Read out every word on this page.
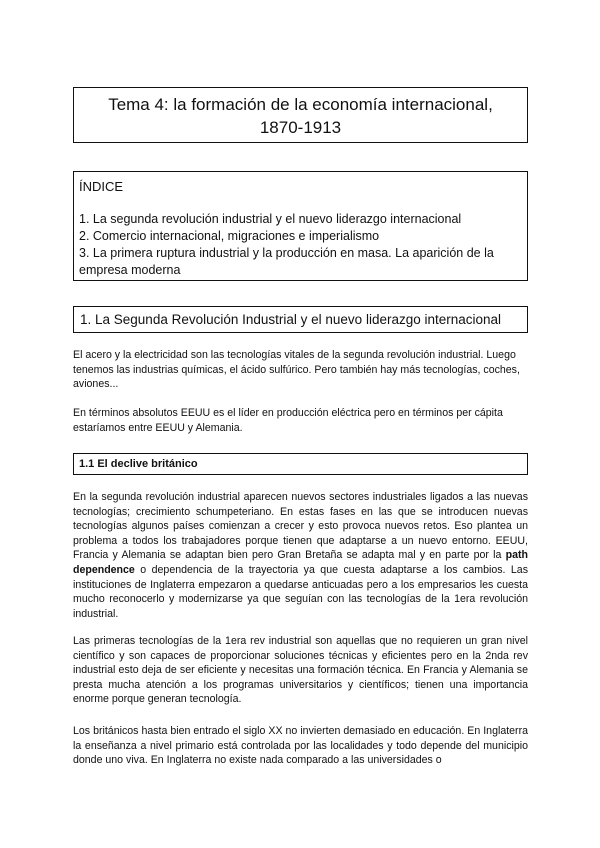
Tema 4: la formación de la economía internacional,
1870-1913
ÍNDICE
1. La segunda revolución industrial y el nuevo liderazgo internacional
2. Comercio internacional, migraciones e imperialismo
3. La primera ruptura industrial y la producción en masa. La aparición de la empresa moderna
1. La Segunda Revolución Industrial y el nuevo liderazgo internacional

El acero y la electricidad son las tecnologías vitales de la segunda revolución industrial. Luego tenemos las industrias químicas, el ácido sulfúrico. Pero también hay más tecnologías, coches, aviones...

En términos absolutos EEUU es el líder en producción eléctrica pero en términos per cápita estaríamos entre EEUU y Alemania.

1.1 El declive británico

En la segunda revolución industrial aparecen nuevos sectores industriales ligados a las nuevas tecnologías; crecimiento schumpeteriano. En estas fases en las que se introducen nuevas tecnologías algunos países comienzan a crecer y esto provoca nuevos retos. Eso plantea un problema a todos los trabajadores porque tienen que adaptarse a un nuevo entorno. EEUU, Francia y Alemania se adaptan bien pero Gran Bretaña se adapta mal y en parte por la path dependence o dependencia de la trayectoria ya que cuesta adaptarse a los cambios. Las instituciones de Inglaterra empezaron a quedarse anticuadas pero a los empresarios les cuesta mucho reconocerlo y modernizarse ya que seguían con las tecnologías de la 1era revolución industrial.

Las primeras tecnologías de la 1era rev industrial son aquellas que no requieren un gran nivel científico y son capaces de proporcionar soluciones técnicas y eficientes pero en la 2nda rev industrial esto deja de ser eficiente y necesitas una formación técnica. En Francia y Alemania se presta mucha atención a los programas universitarios y científicos; tienen una importancia enorme porque generan tecnología.

Los británicos hasta bien entrado el siglo XX no invierten demasiado en educación. En Inglaterra la enseñanza a nivel primario está controlada por las localidades y todo depende del municipio donde uno viva. En Inglaterra no existe nada comparado a las universidades o
